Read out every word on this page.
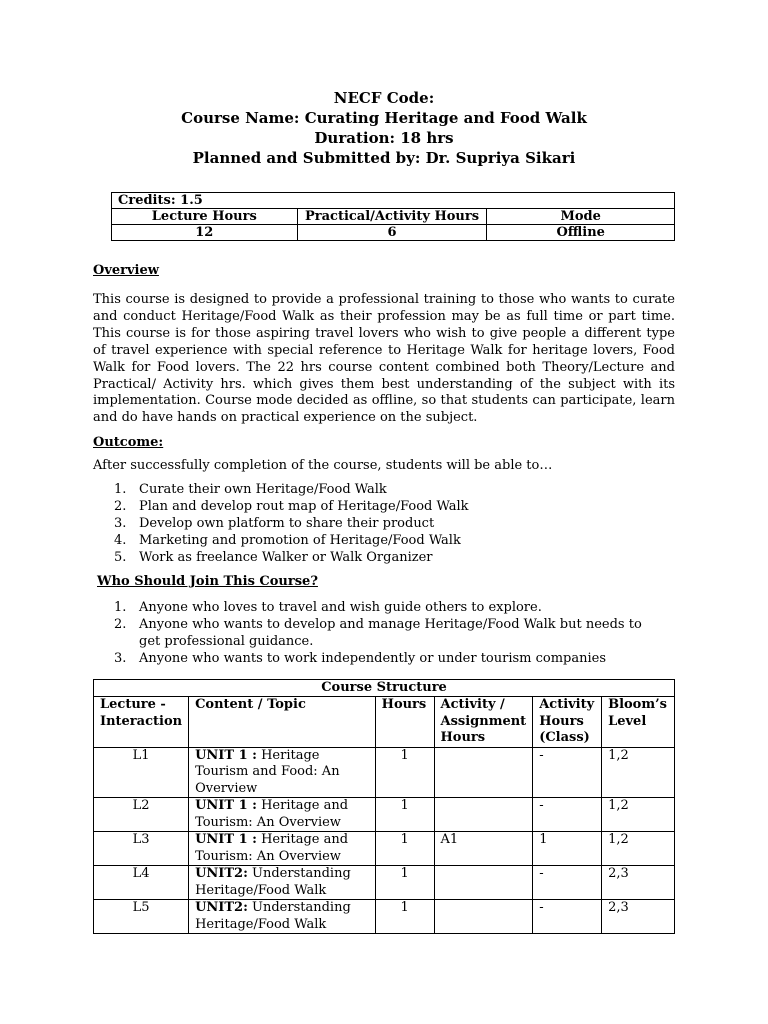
NECF Code:
Course Name: Curating Heritage and Food Walk
Duration: 18 hrs
Planned and Submitted by: Dr. Supriya Sikari
Credits: 1.5		
Lecture Hours	Practical/Activity Hours	Mode
12	6	Offline
Overview
This course is designed to provide a professional training to those who wants to curate and conduct Heritage/Food Walk as their profession may be as full time or part time. This course is for those aspiring travel lovers who wish to give people a different type of travel experience with special reference to Heritage Walk for heritage lovers, Food Walk for Food lovers. The 22 hrs course content combined both Theory/Lecture and Practical/ Activity hrs. which gives them best understanding of the subject with its implementation. Course mode decided as offline, so that students can participate, learn and do have hands on practical experience on the subject.
Outcome:
After successfully completion of the course, students will be able to…
1. Curate their own Heritage/Food Walk
2. Plan and develop rout map of Heritage/Food Walk
3. Develop own platform to share their product
4. Marketing and promotion of Heritage/Food Walk
5. Work as freelance Walker or Walk Organizer
Who Should Join This Course?
1. Anyone who loves to travel and wish guide others to explore.
2. Anyone who wants to develop and manage Heritage/Food Walk but needs to get professional guidance.
3. Anyone who wants to work independently or under tourism companies
Course Structure					
Lecture - Interaction	Content / Topic	Hours	Activity / Assignment Hours	Activity Hours (Class)	Bloom’s Level
L1	UNIT 1 : Heritage Tourism and Food: An Overview	1		-	1,2
L2	UNIT 1 : Heritage and Tourism: An Overview	1		-	1,2
L3	UNIT 1 : Heritage and Tourism: An Overview	1	A1	1	1,2
L4	UNIT2: Understanding Heritage/Food Walk	1		-	2,3
L5	UNIT2: Understanding Heritage/Food Walk	1		-	2,3
